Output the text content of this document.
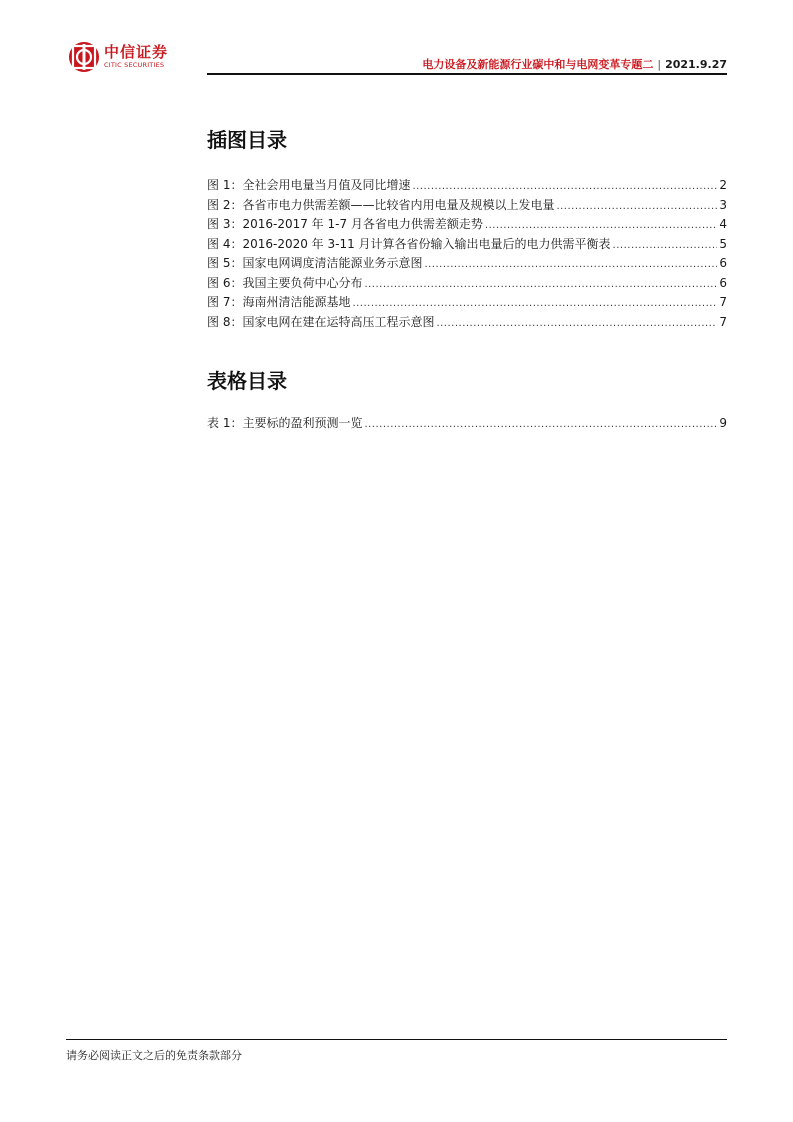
中信证券
CITIC SECURITIES	电力设备及新能源行业碳中和与电网变革专题二 | 2021.9.27
插图目录
图 1：全社会用电量当月值及同比增速 .....	2
图 2：各省市电力供需差额——比较省内用电量及规模以上发电量 .....	3
图 3：2016-2017 年 1-7 月各省电力供需差额走势 .....	4
图 4：2016-2020 年 3-11 月计算各省份输入输出电量后的电力供需平衡表 .....	5
图 5：国家电网调度清洁能源业务示意图 .....	6
图 6：我国主要负荷中心分布 .....	6
图 7：海南州清洁能源基地 .....	7
图 8：国家电网在建在运特高压工程示意图 .....	7
表格目录
表 1：主要标的盈利预测一览 .....	9
请务必阅读正文之后的免责条款部分
